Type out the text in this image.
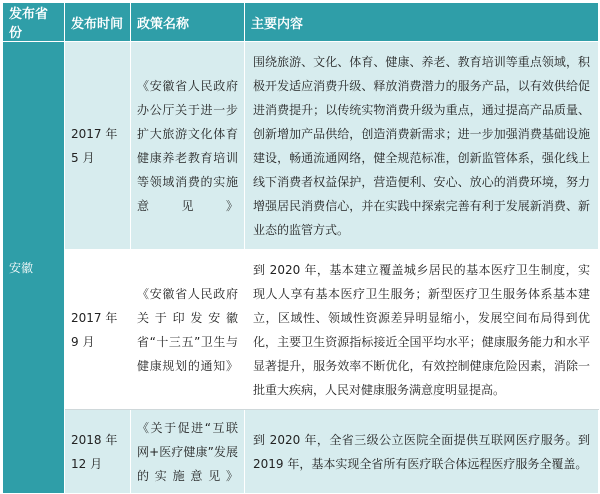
发布省份	发布时间	政策名称	主要内容
安徽	2017 年 5 月	《安徽省人民政府办公厅关于进一步扩大旅游文化体育健康养老教育培训等领域消费的实施意见》	围绕旅游、文化、体育、健康、养老、教育培训等重点领域，积极开发适应消费升级、释放消费潜力的服务产品，以有效供给促进消费提升；以传统实物消费升级为重点，通过提高产品质量、创新增加产品供给，创造消费新需求；进一步加强消费基础设施建设，畅通流通网络，健全规范标准，创新监管体系，强化线上线下消费者权益保护，营造便利、安心、放心的消费环境，努力增强居民消费信心，并在实践中探索完善有利于发展新消费、新业态的监管方式。
	2017 年 9 月	《安徽省人民政府关于印发安徽省“十三五”卫生与健康规划的通知》	到 2020 年，基本建立覆盖城乡居民的基本医疗卫生制度，实现人人享有基本医疗卫生服务；新型医疗卫生服务体系基本建立，区域性、领域性资源差异明显缩小，发展空间布局得到优化，主要卫生资源指标接近全国平均水平；健康服务能力和水平显著提升，服务效率不断优化，有效控制健康危险因素，消除一批重大疾病，人民对健康服务满意度明显提高。
	2018 年 12 月	《关于促进“互联网+医疗健康”发展的实施意见》	到 2020 年，全省三级公立医院全面提供互联网医疗服务。到 2019 年，基本实现全省所有医疗联合体远程医疗服务全覆盖。
